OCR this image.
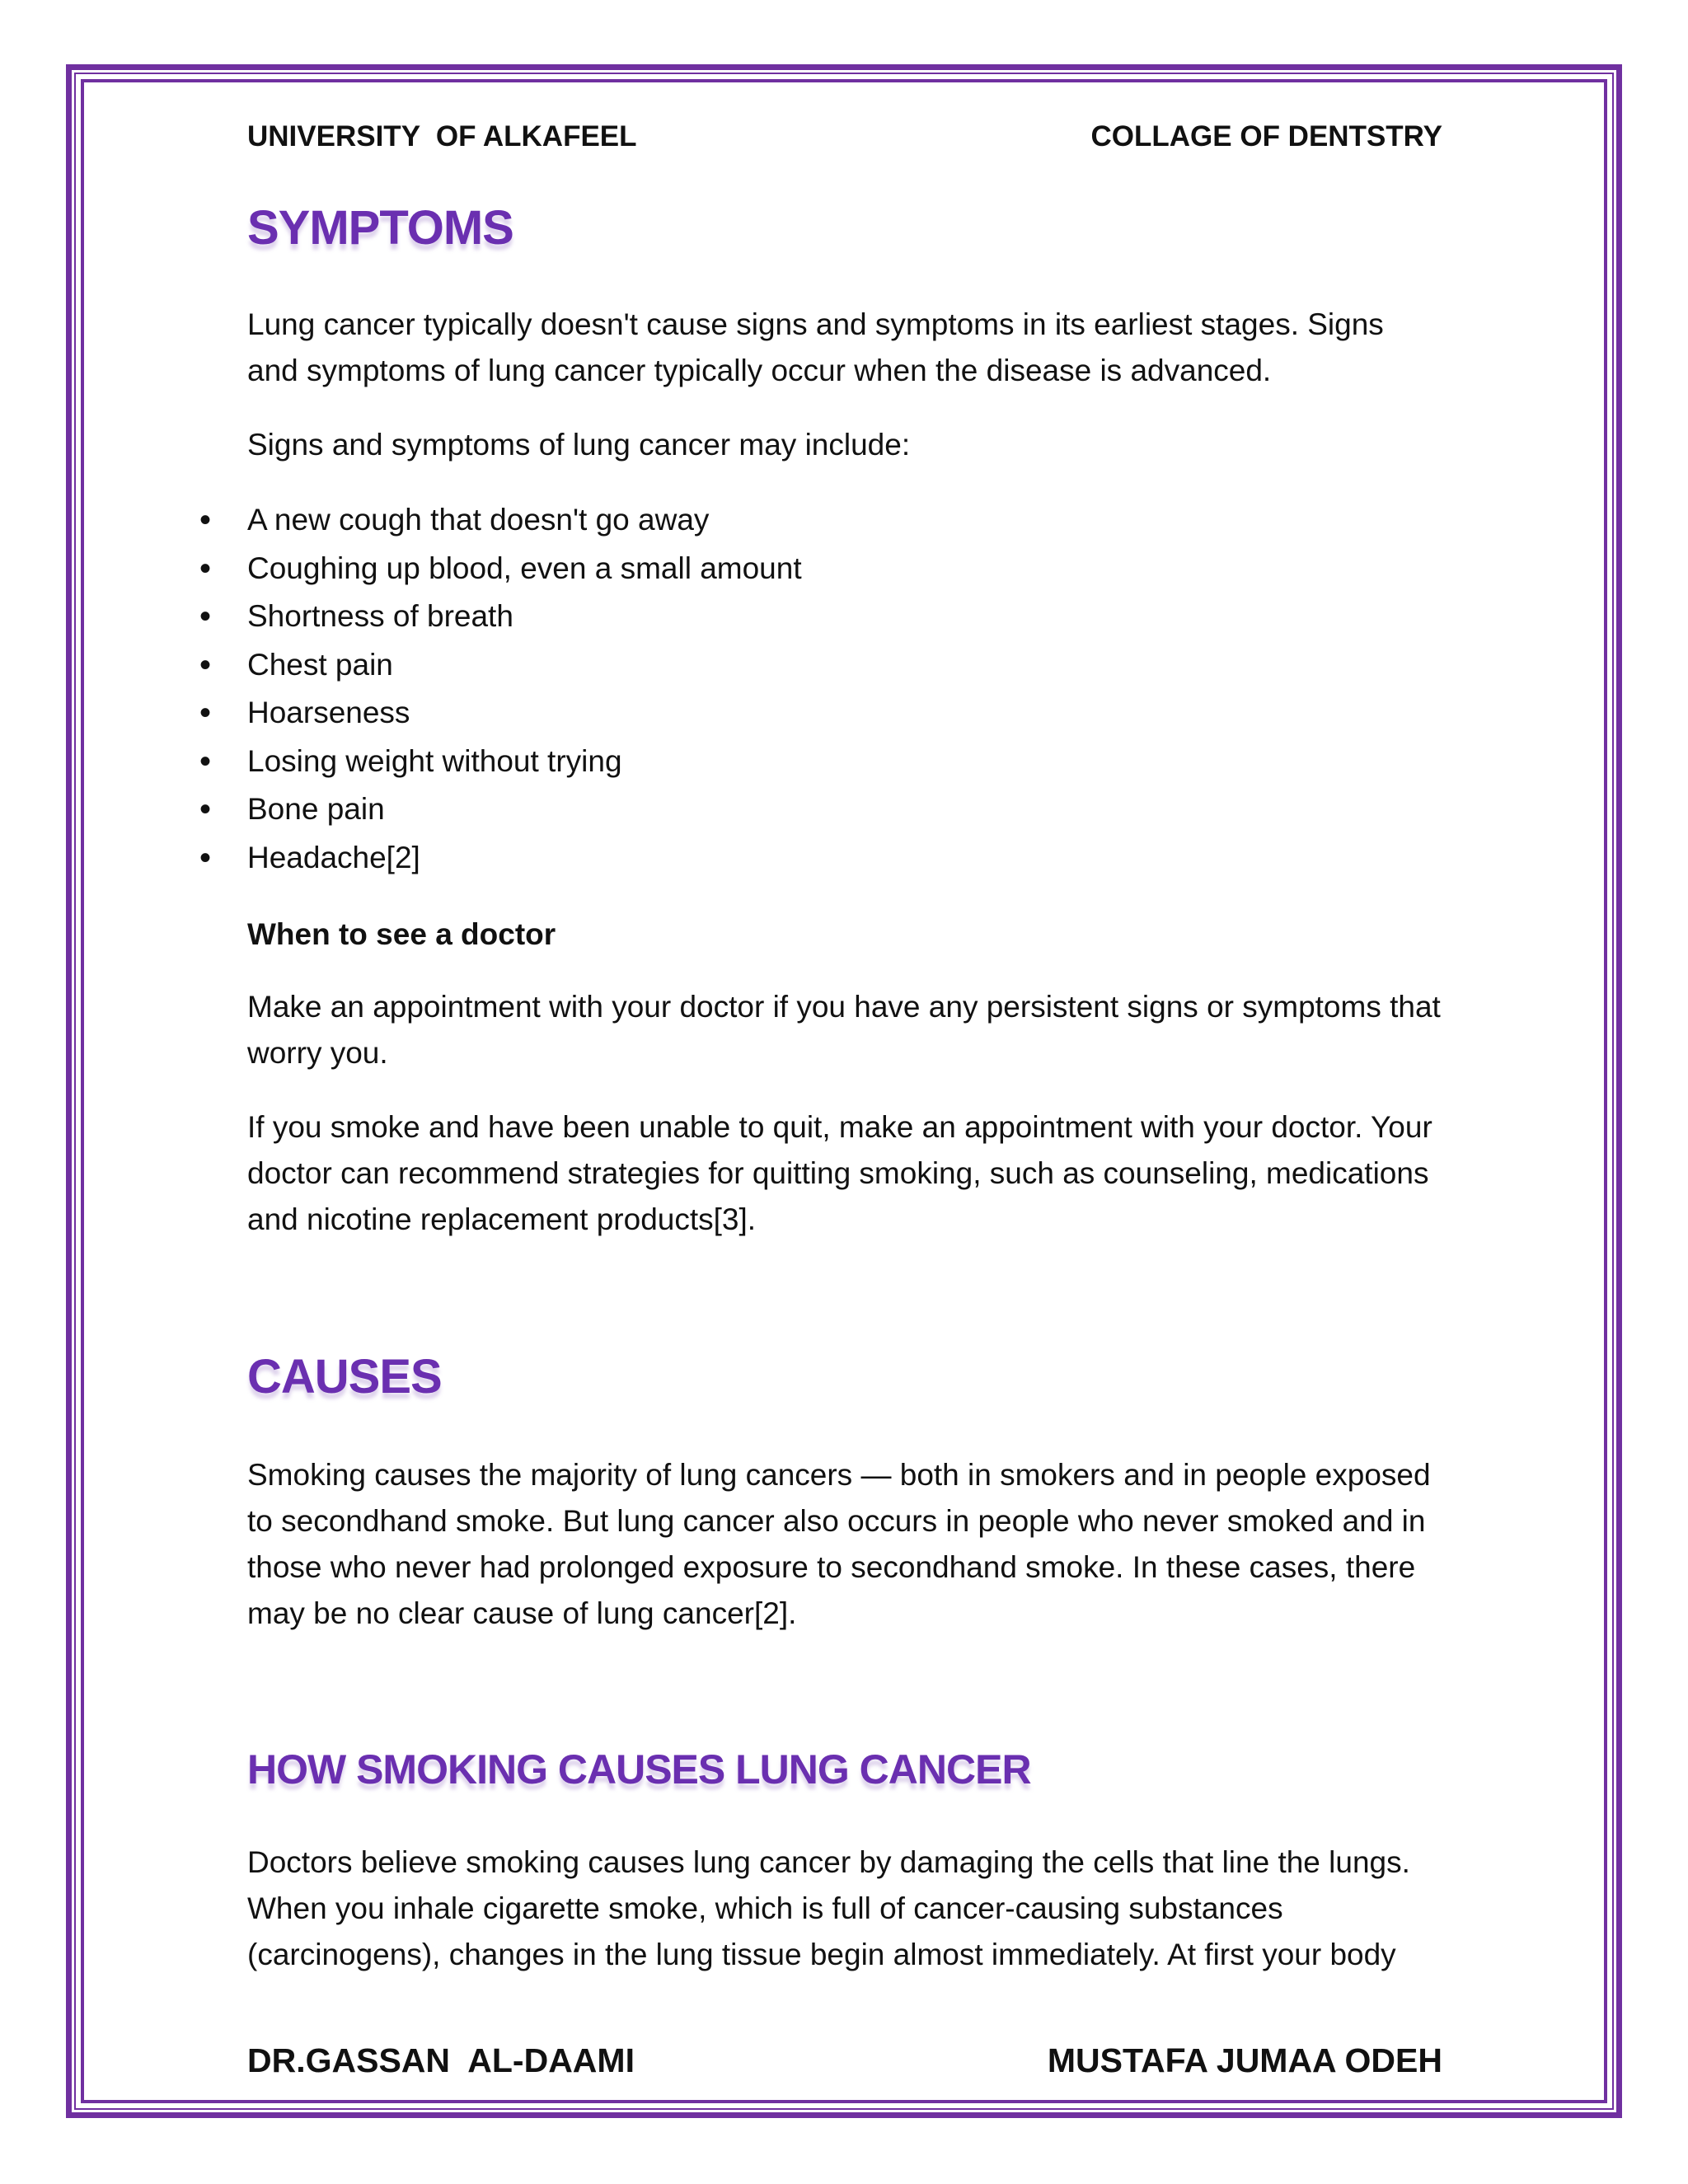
UNIVERSITY  OF ALKAFEEL	COLLAGE OF DENTSTRY
SYMPTOMS

Lung cancer typically doesn't cause signs and symptoms in its earliest stages. Signs and symptoms of lung cancer typically occur when the disease is advanced.

Signs and symptoms of lung cancer may include:

• A new cough that doesn't go away
• Coughing up blood, even a small amount
• Shortness of breath
• Chest pain
• Hoarseness
• Losing weight without trying
• Bone pain
• Headache[2]

When to see a doctor

Make an appointment with your doctor if you have any persistent signs or symptoms that worry you.

If you smoke and have been unable to quit, make an appointment with your doctor. Your doctor can recommend strategies for quitting smoking, such as counseling, medications and nicotine replacement products[3].

CAUSES

Smoking causes the majority of lung cancers — both in smokers and in people exposed to secondhand smoke. But lung cancer also occurs in people who never smoked and in those who never had prolonged exposure to secondhand smoke. In these cases, there may be no clear cause of lung cancer[2].

HOW SMOKING CAUSES LUNG CANCER

Doctors believe smoking causes lung cancer by damaging the cells that line the lungs. When you inhale cigarette smoke, which is full of cancer-causing substances (carcinogens), changes in the lung tissue begin almost immediately. At first your body

DR.GASSAN  AL-DAAMI	MUSTAFA JUMAA ODEH
